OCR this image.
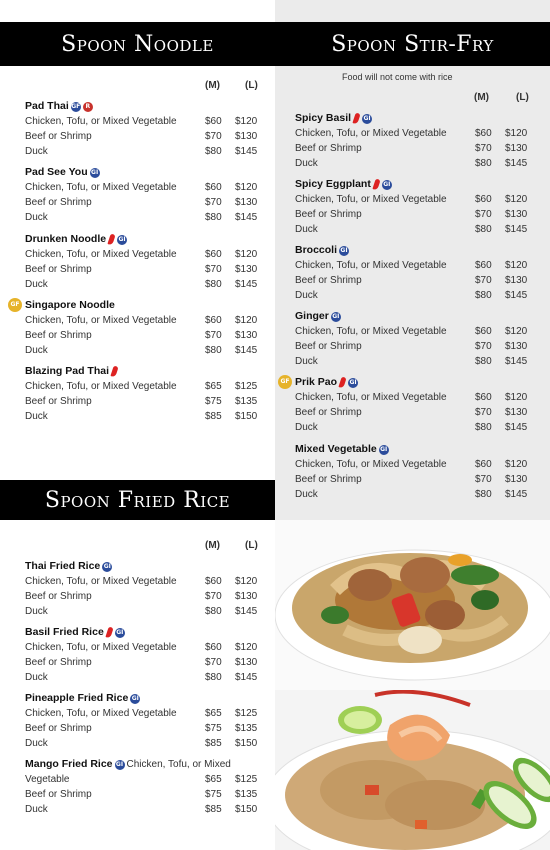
Spoon Noodle	Spoon Stir-Fry
Spoon Fried Rice
(M)	(L)
Food will not come with rice
(M)	(L)
(M)	(L)
Pad Thai GF R
Chicken, Tofu, or Mixed Vegetable	$60 $120
Beef or Shrimp	$70 $130
Duck	$80 $145
Pad See You GI
Chicken, Tofu, or Mixed Vegetable	$60 $120
Beef or Shrimp	$70 $130
Duck	$80 $145
Drunken Noodle GI
Chicken, Tofu, or Mixed Vegetable	$60 $120
Beef or Shrimp	$70 $130
Duck	$80 $145
GF Singapore Noodle
Chicken, Tofu, or Mixed Vegetable	$60 $120
Beef or Shrimp	$70 $130
Duck	$80 $145
Blazing Pad Thai
Chicken, Tofu, or Mixed Vegetable	$65 $125
Beef or Shrimp	$75 $135
Duck	$85 $150
Spicy Basil GI
Chicken, Tofu, or Mixed Vegetable	$60 $120
Beef or Shrimp	$70 $130
Duck	$80 $145
Spicy Eggplant GI
Chicken, Tofu, or Mixed Vegetable	$60 $120
Beef or Shrimp	$70 $130
Duck	$80 $145
Broccoli GI
Chicken, Tofu, or Mixed Vegetable	$60 $120
Beef or Shrimp	$70 $130
Duck	$80 $145
Ginger GI
Chicken, Tofu, or Mixed Vegetable	$60 $120
Beef or Shrimp	$70 $130
Duck	$80 $145
GF Prik Pao GI
Chicken, Tofu, or Mixed Vegetable	$60 $120
Beef or Shrimp	$70 $130
Duck	$80 $145
Mixed Vegetable GI
Chicken, Tofu, or Mixed Vegetable	$60 $120
Beef or Shrimp	$70 $130
Duck	$80 $145
Thai Fried Rice GI
Chicken, Tofu, or Mixed Vegetable	$60 $120
Beef or Shrimp	$70 $130
Duck	$80 $145
Basil Fried Rice GI
Chicken, Tofu, or Mixed Vegetable	$60 $120
Beef or Shrimp	$70 $130
Duck	$80 $145
Pineapple Fried Rice GI
Chicken, Tofu, or Mixed Vegetable	$65 $125
Beef or Shrimp	$75 $135
Duck	$85 $150
Mango Fried Rice GI Chicken, Tofu, or Mixed
Vegetable	$65 $125
Beef or Shrimp	$75 $135
Duck	$85 $150
